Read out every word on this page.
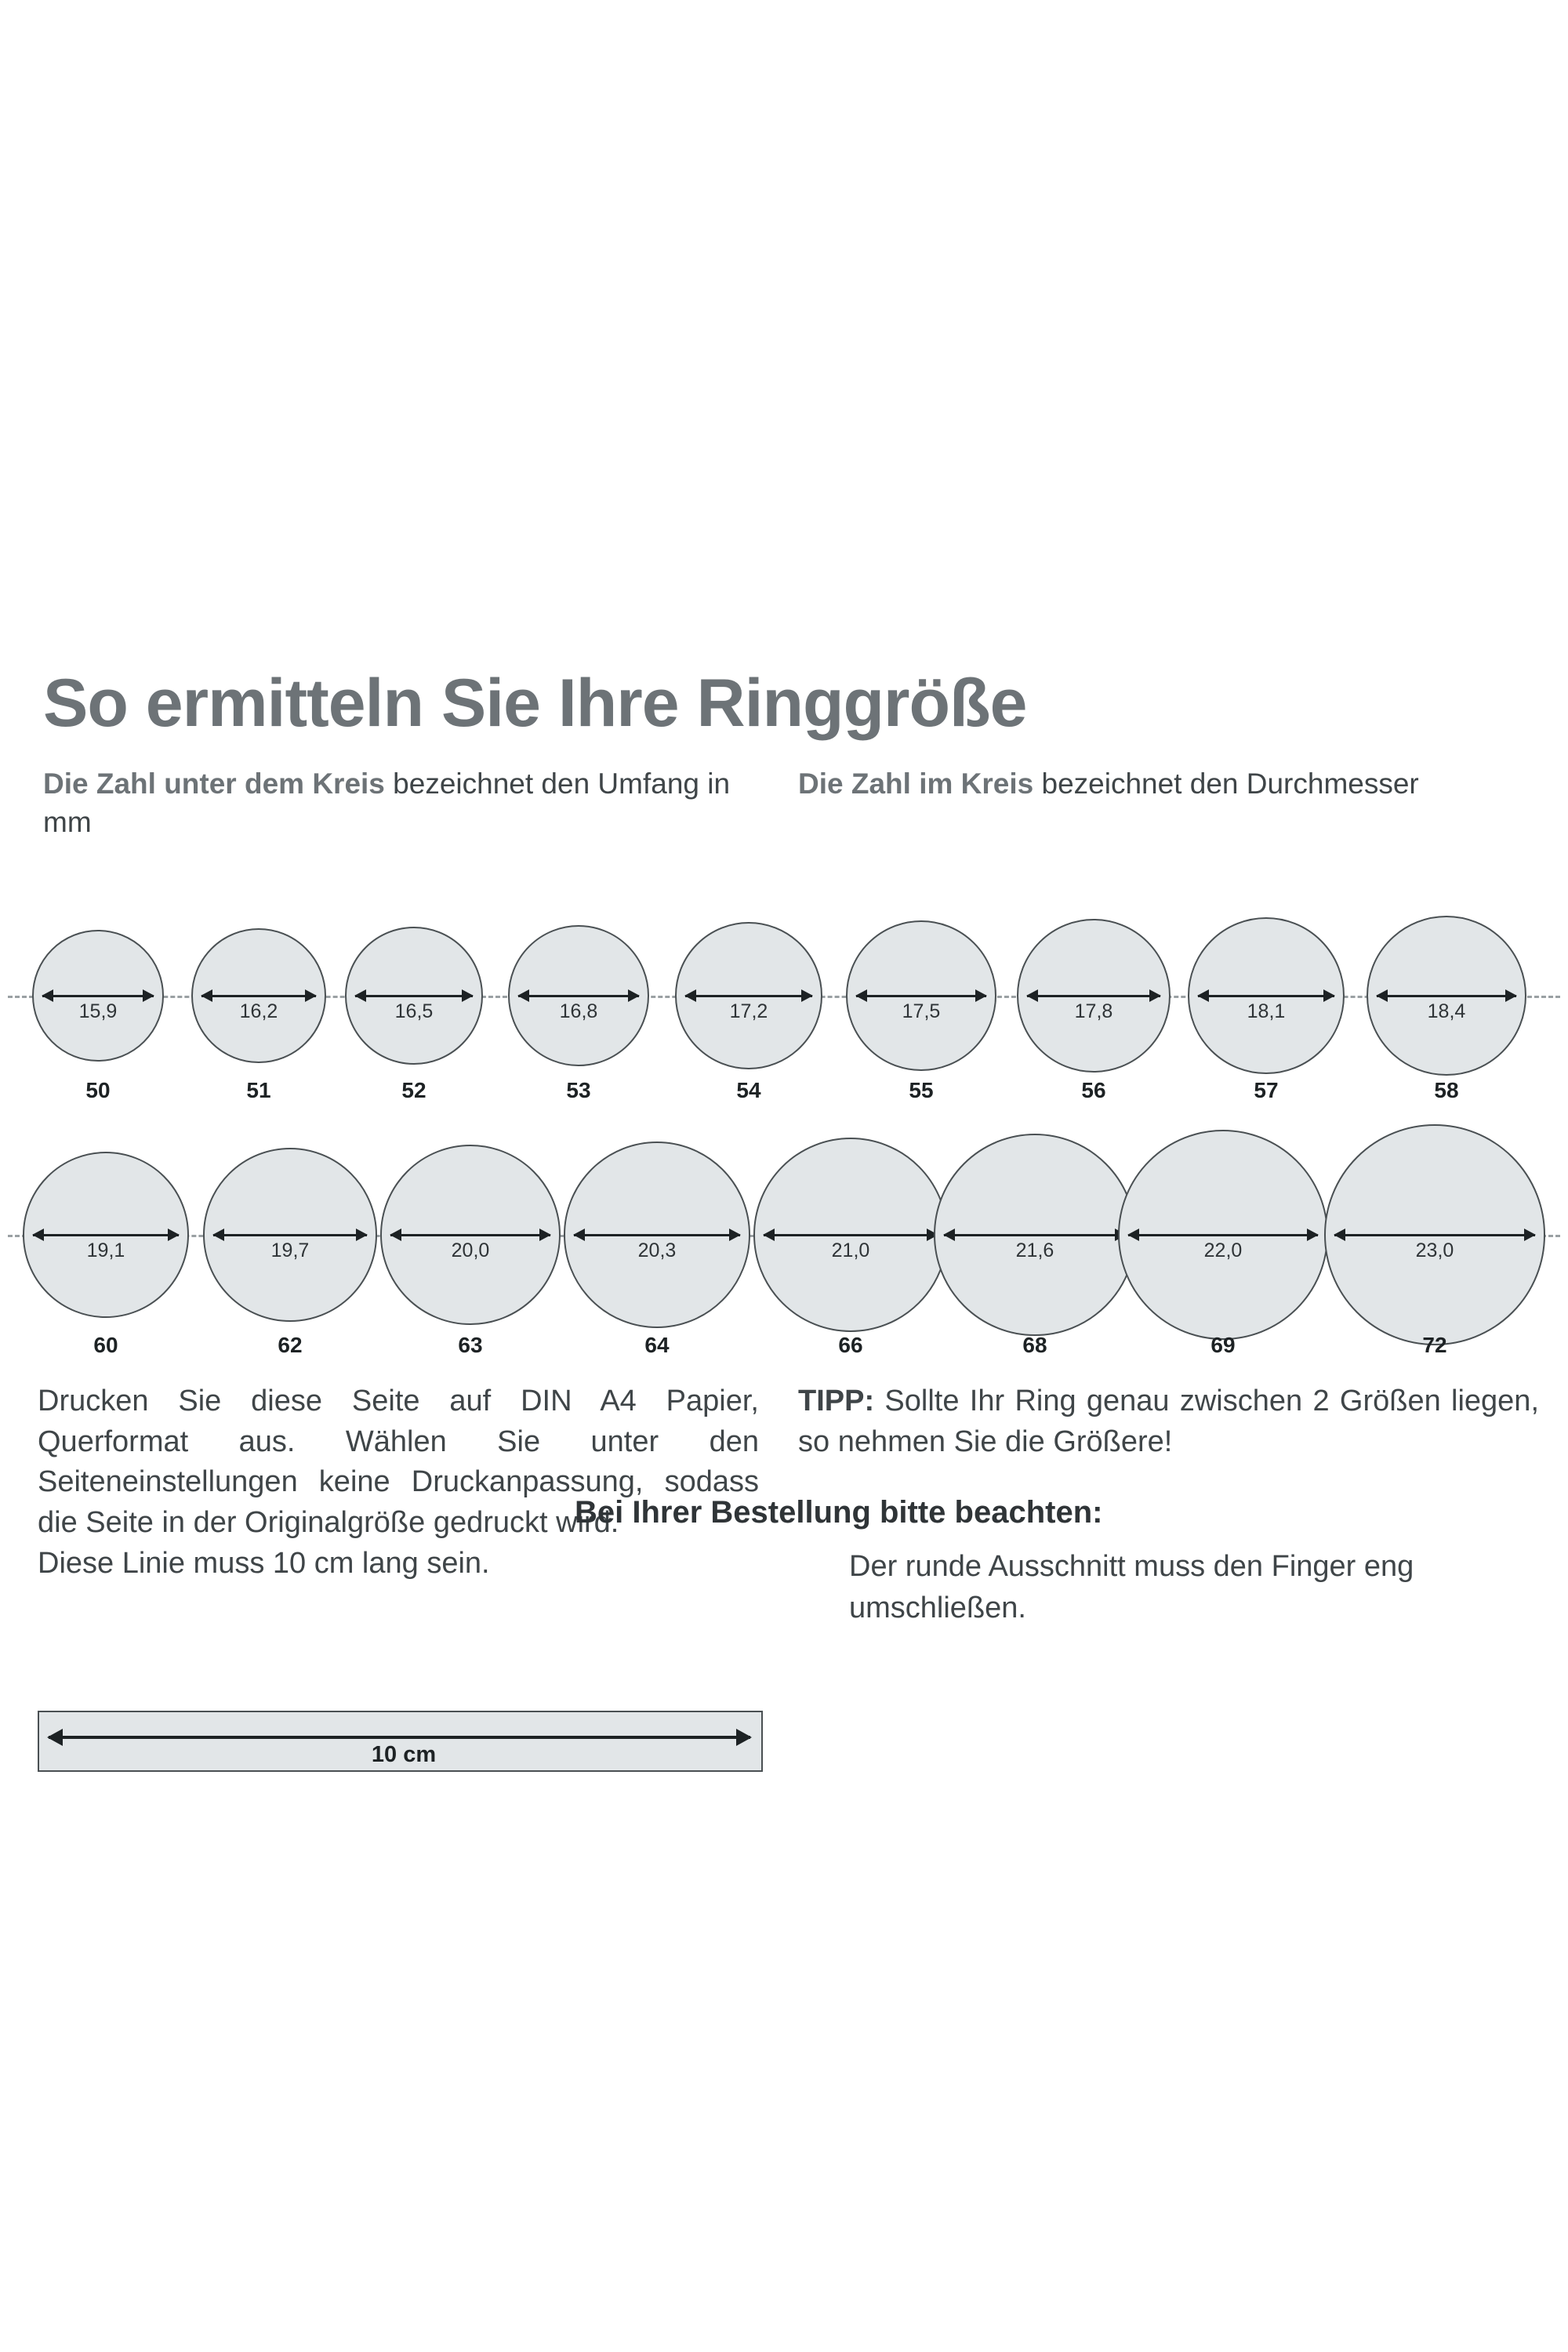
So ermitteln Sie Ihre Ringgröße
Die Zahl unter dem Kreis bezeichnet den Umfang in mm
Die Zahl im Kreis bezeichnet den Durchmesser
15,9
50
16,2
51
16,5
52
16,8
53
17,2
54
17,5
55
17,8
56
18,1
57
18,4
58
19,1
60
19,7
62
20,0
63
20,3
64
21,0
66
21,6
68
22,0
69
23,0
72

Drucken Sie diese Seite auf DIN A4 Papier, Querformat aus. Wählen Sie unter den Seiteneinstellungen keine Druckanpassung, sodass die Seite in der Originalgröße gedruckt wird.

Diese Linie muss 10 cm lang sein.

TIPP: Sollte Ihr Ring genau zwischen 2 Größen liegen, so nehmen Sie die Größere!
Bei Ihrer Bestellung bitte beachten:
Der runde Ausschnitt muss den Finger eng umschließen.
10 cm
